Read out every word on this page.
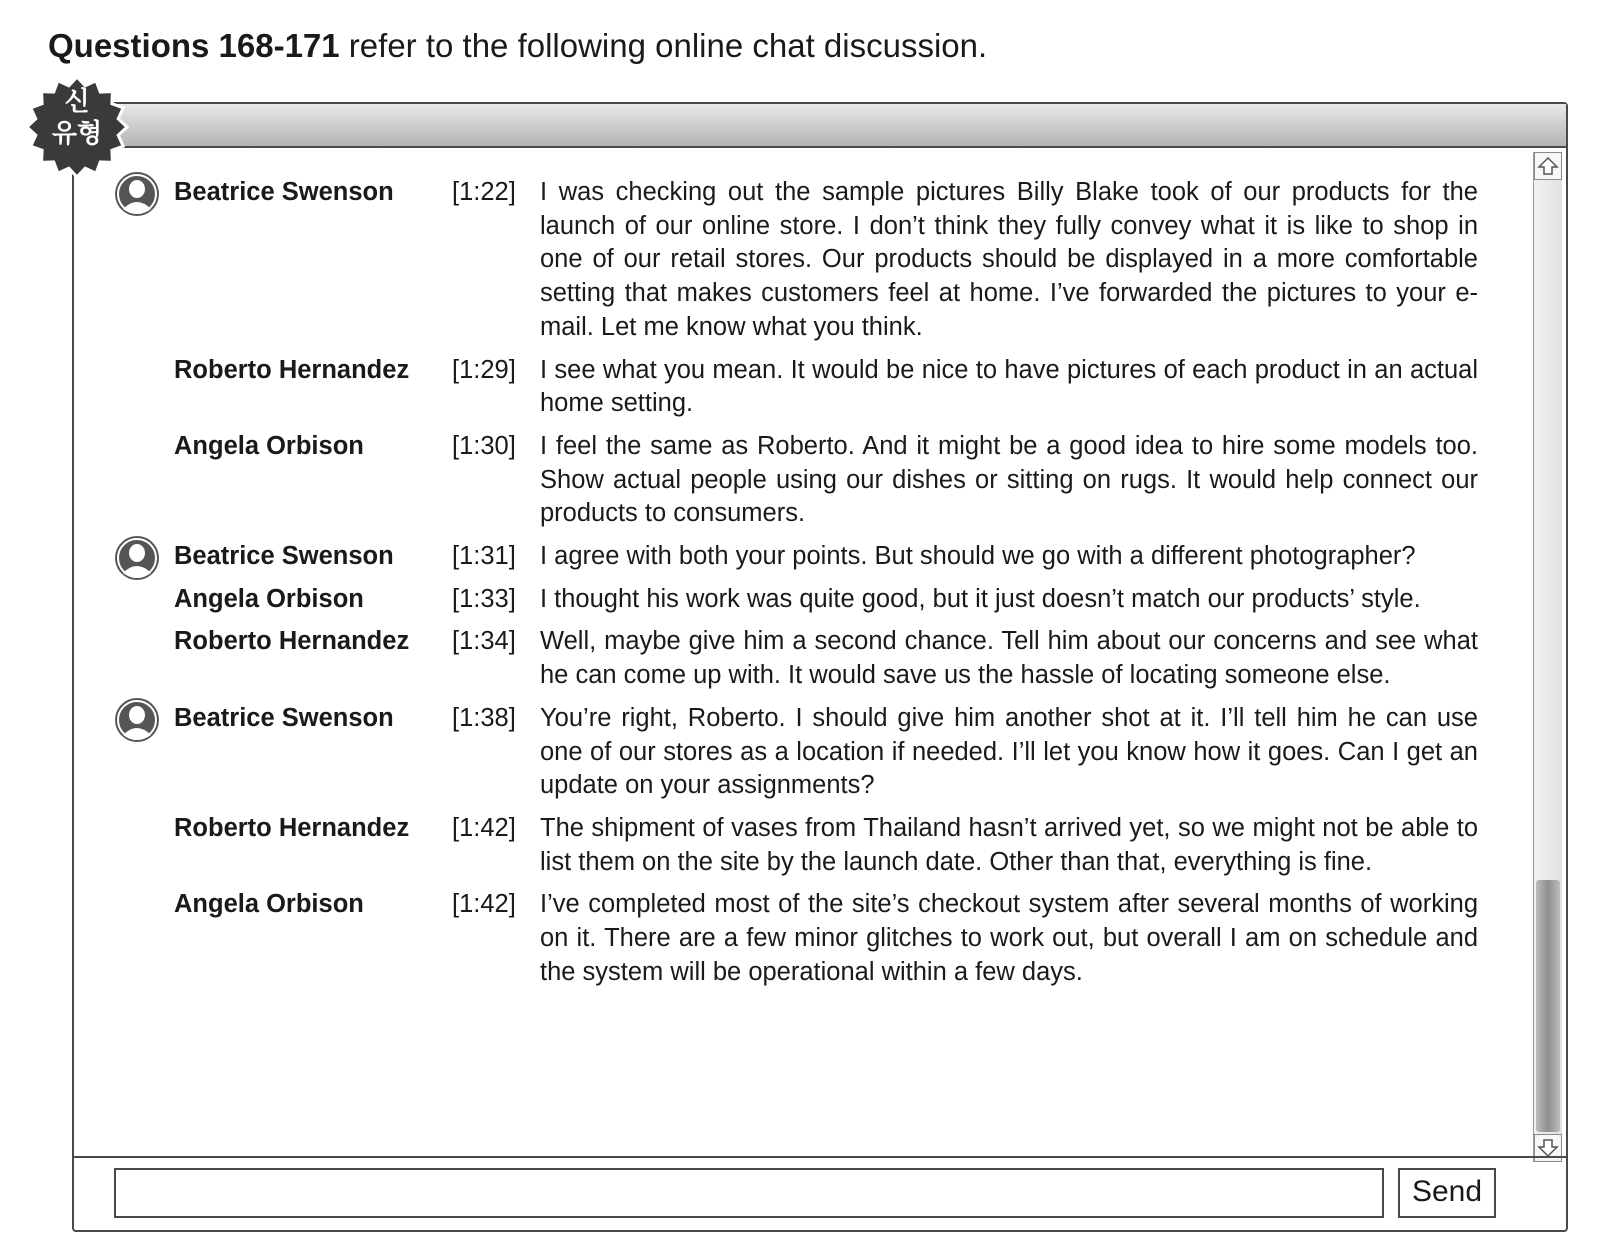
Questions 168-171 refer to the following online chat discussion.
신
유형
Beatrice Swenson	[1:22] I was checking out the sample pictures Billy Blake took of our products for the launch of our online store. I don’t think they fully convey what it is like to shop in one of our retail stores. Our products should be displayed in a more comfortable setting that makes customers feel at home. I’ve forwarded the pictures to your e-mail. Let me know what you think.
Roberto Hernandez	[1:29] I see what you mean. It would be nice to have pictures of each product in an actual home setting.
Angela Orbison	[1:30] I feel the same as Roberto. And it might be a good idea to hire some models too. Show actual people using our dishes or sitting on rugs. It would help connect our products to consumers.
Beatrice Swenson	[1:31] I agree with both your points. But should we go with a different photographer?
Angela Orbison	[1:33] I thought his work was quite good, but it just doesn’t match our products’ style.
Roberto Hernandez	[1:34] Well, maybe give him a second chance. Tell him about our concerns and see what he can come up with. It would save us the hassle of locating someone else.
Beatrice Swenson	[1:38] You’re right, Roberto. I should give him another shot at it. I’ll tell him he can use one of our stores as a location if needed. I’ll let you know how it goes. Can I get an update on your assignments?
Roberto Hernandez	[1:42] The shipment of vases from Thailand hasn’t arrived yet, so we might not be able to list them on the site by the launch date. Other than that, everything is fine.
Angela Orbison	[1:42] I’ve completed most of the site’s checkout system after several months of working on it. There are a few minor glitches to work out, but overall I am on schedule and the system will be operational within a few days.
Send
